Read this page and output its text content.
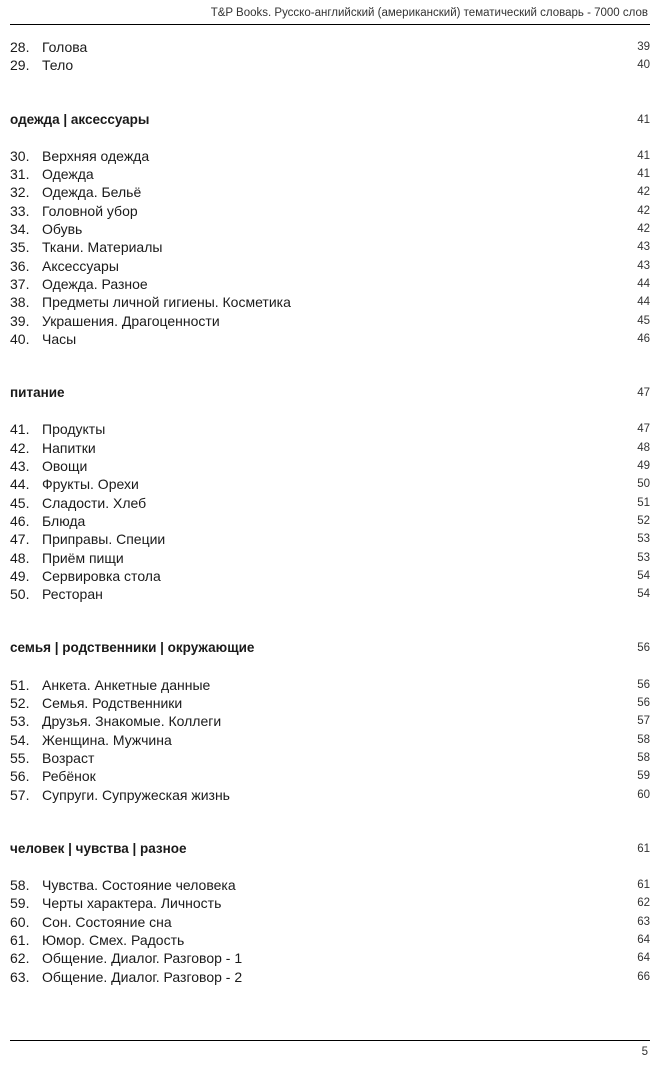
T&P Books. Русско-английский (американский) тематический словарь - 7000 слов
28. Голова	39
29. Тело	40
одежда | аксессуары	41
30. Верхняя одежда	41
31. Одежда	41
32. Одежда. Бельё	42
33. Головной убор	42
34. Обувь	42
35. Ткани. Материалы	43
36. Аксессуары	43
37. Одежда. Разное	44
38. Предметы личной гигиены. Косметика	44
39. Украшения. Драгоценности	45
40. Часы	46
питание	47
41. Продукты	47
42. Напитки	48
43. Овощи	49
44. Фрукты. Орехи	50
45. Сладости. Хлеб	51
46. Блюда	52
47. Приправы. Специи	53
48. Приём пищи	53
49. Сервировка стола	54
50. Ресторан	54
семья | родственники | окружающие	56
51. Анкета. Анкетные данные	56
52. Семья. Родственники	56
53. Друзья. Знакомые. Коллеги	57
54. Женщина. Мужчина	58
55. Возраст	58
56. Ребёнок	59
57. Супруги. Супружеская жизнь	60
человек | чувства | разное	61
58. Чувства. Состояние человека	61
59. Черты характера. Личность	62
60. Сон. Состояние сна	63
61. Юмор. Смех. Радость	64
62. Общение. Диалог. Разговор - 1	64
63. Общение. Диалог. Разговор - 2	66
5
